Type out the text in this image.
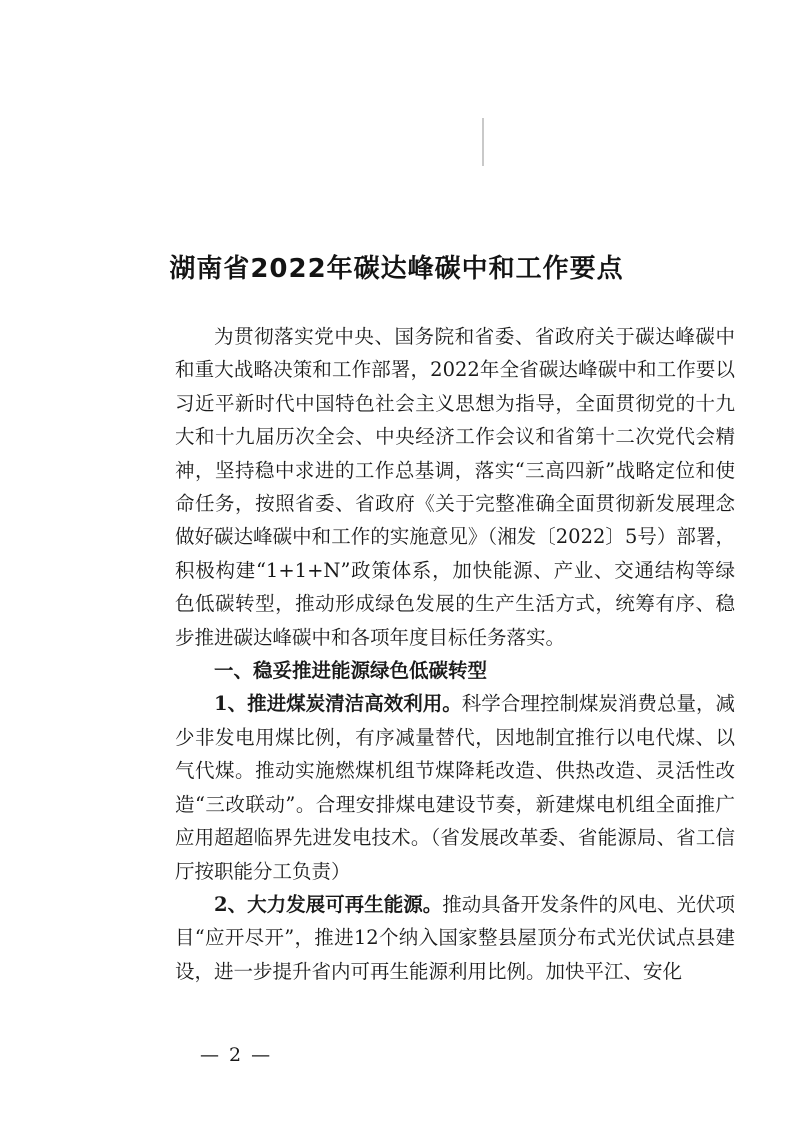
湖南省2022年碳达峰碳中和工作要点

为贯彻落实党中央、国务院和省委、省政府关于碳达峰碳中和重大战略决策和工作部署，2022年全省碳达峰碳中和工作要以习近平新时代中国特色社会主义思想为指导，全面贯彻党的十九大和十九届历次全会、中央经济工作会议和省第十二次党代会精神，坚持稳中求进的工作总基调，落实“三高四新”战略定位和使命任务，按照省委、省政府《关于完整准确全面贯彻新发展理念做好碳达峰碳中和工作的实施意见》（湘发〔2022〕5号）部署，积极构建“1+1+N”政策体系，加快能源、产业、交通结构等绿色低碳转型，推动形成绿色发展的生产生活方式，统筹有序、稳步推进碳达峰碳中和各项年度目标任务落实。

一、稳妥推进能源绿色低碳转型

1、推进煤炭清洁高效利用。科学合理控制煤炭消费总量，减少非发电用煤比例，有序减量替代，因地制宜推行以电代煤、以气代煤。推动实施燃煤机组节煤降耗改造、供热改造、灵活性改造“三改联动”。合理安排煤电建设节奏，新建煤电机组全面推广应用超超临界先进发电技术。（省发展改革委、省能源局、省工信厅按职能分工负责）

2、大力发展可再生能源。推动具备开发条件的风电、光伏项目“应开尽开”，推进12个纳入国家整县屋顶分布式光伏试点县建设，进一步提升省内可再生能源利用比例。加快平江、安化

— 2 —
